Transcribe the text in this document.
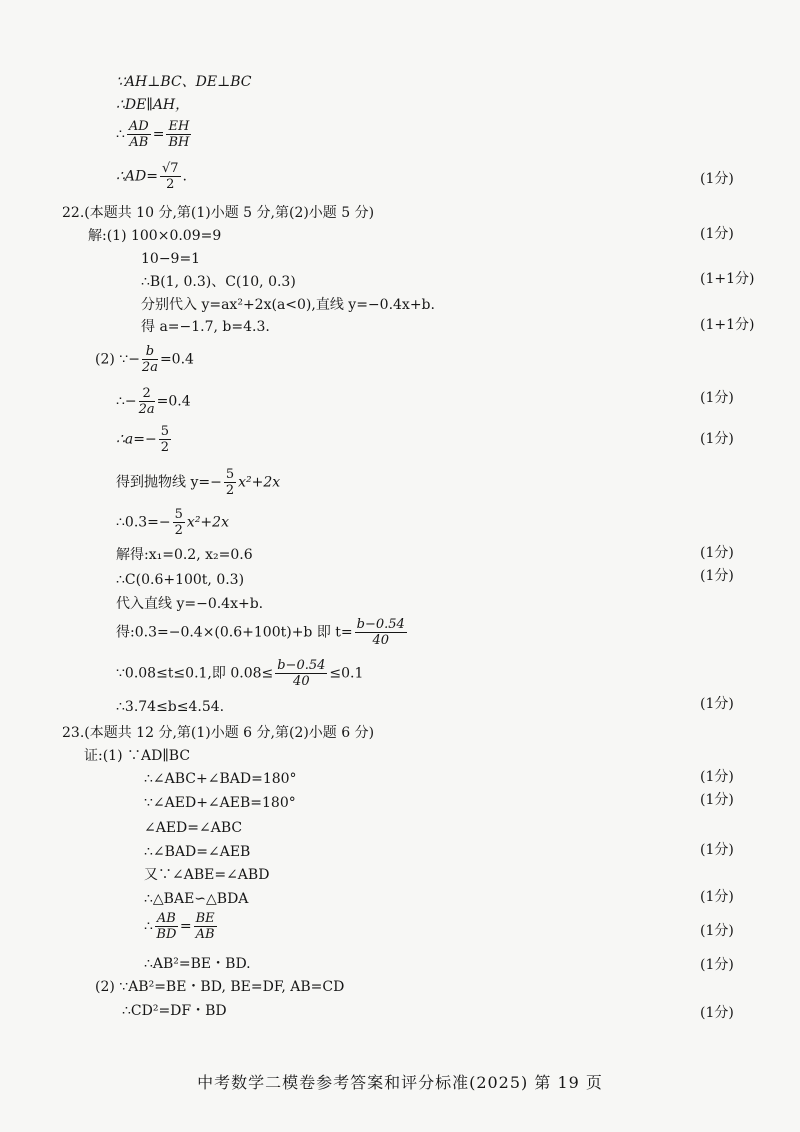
∵AH⊥BC、DE⊥BC
∴DE∥AH，
∴ $\frac{AD}{AB} = \frac{EH}{BH}$
∴AD= $\frac{√7}{2}$ .	(1分)
22.(本题共 10 分,第(1)小题 5 分,第(2)小题 5 分)
解:(1) 100×0.09=9	(1分)
10−9=1
∴B(1, 0.3)、C(10, 0.3)	(1+1分)
分别代入 y=ax²+2x(a<0),直线 y=−0.4x+b.
得 a=−1.7, b=4.3.	(1+1分)
(2) ∵− $\frac{b}{2a} =0.4$
∴− $\frac{2}{2a} =0.4$	(1分)
∴a=− $\frac{5}{2}$	(1分)
得到抛物线 $y=- \frac{5}{2} x^2+2x$
∴0.3=− $\frac{5}{2} x^2+2x$
解得:x₁=0.2, x₂=0.6	(1分)
∴C(0.6+100t, 0.3)	(1分)
代入直线 y=−0.4x+b.
得:0.3=−0.4×(0.6+100t)+b 即 $t= \frac{b-0.54}{40}$
∵0.08≤t≤0.1,即 $0.08\le \frac{b-0.54}{40} \le 0.1$
∴3.74≤b≤4.54.	(1分)
23.(本题共 12 分,第(1)小题 6 分,第(2)小题 6 分)
证:(1) ∵AD∥BC
∴∠ABC+∠BAD=180°	(1分)
∵∠AED+∠AEB=180°	(1分)
∠AED=∠ABC
∴∠BAD=∠AEB	(1分)
又∵∠ABE=∠ABD
∴△BAE∽△BDA	(1分)
∴ $\frac{AB}{BD} = \frac{BE}{AB}$	(1分)
∴AB²=BE・BD.	(1分)
(2) ∵AB²=BE・BD, BE=DF, AB=CD
∴CD²=DF・BD	(1分)
中考数学二模卷参考答案和评分标准(2025) 第 19 页
